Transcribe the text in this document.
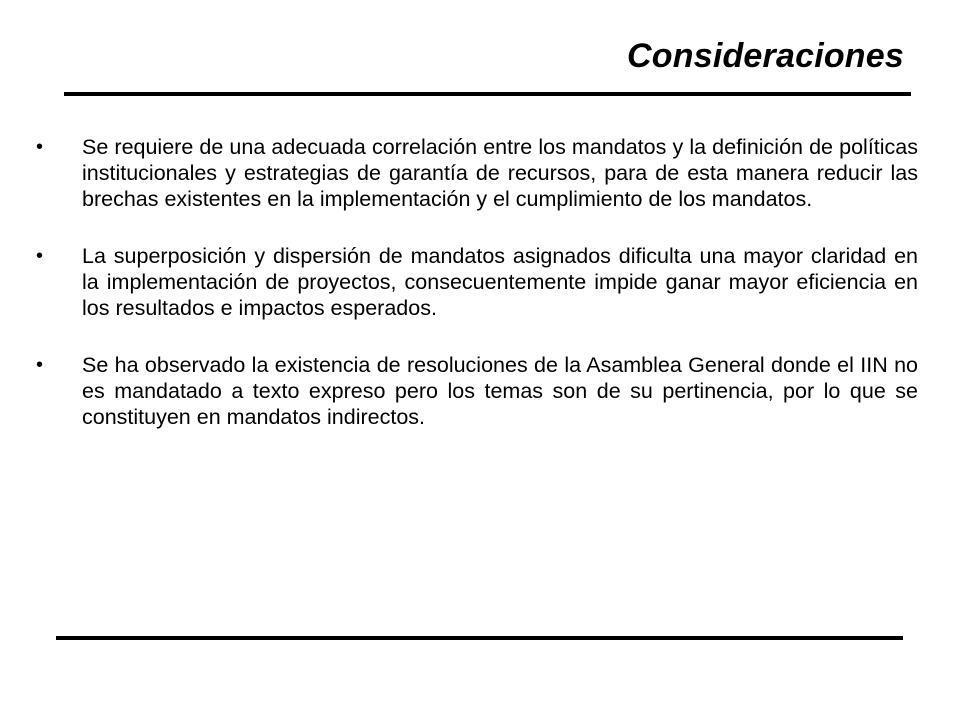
Consideraciones
•	Se requiere de una adecuada correlación entre los mandatos y la definición de políticas institucionales y estrategias de garantía de recursos, para de esta manera reducir las brechas existentes en la implementación y el cumplimiento de los mandatos.
•	La superposición y dispersión de mandatos asignados dificulta una mayor claridad en la implementación de proyectos, consecuentemente impide ganar mayor eficiencia en los resultados e impactos esperados.
•	Se ha observado la existencia de resoluciones de la Asamblea General donde el IIN no es mandatado a texto expreso pero los temas son de su pertinencia, por lo que se constituyen en mandatos indirectos.
